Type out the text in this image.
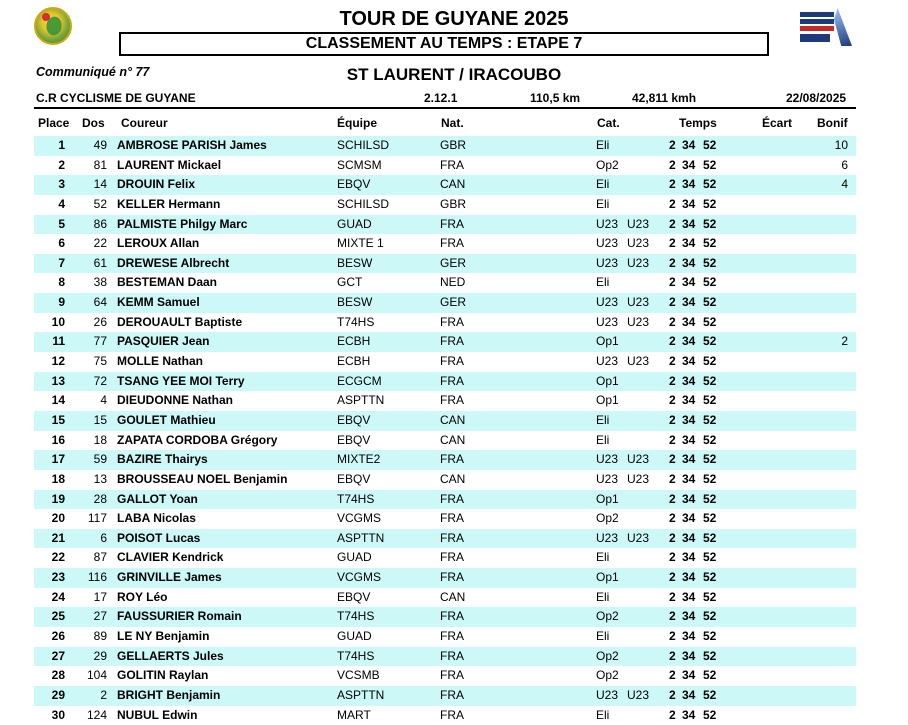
TOUR DE GUYANE 2025
CLASSEMENT AU TEMPS : ETAPE 7
Communiqué n° 77	ST LAURENT / IRACOUBO
C.R CYCLISME DE GUYANE	2.12.1	110,5 km	42,811 kmh	22/08/2025
Place Dos Coureur	Équipe	Nat.	Cat.	Temps	Écart Bonif
1	49 AMBROSE PARISH James	SCHILSD	GBR	Eli	2 34 52	10
2	81 LAURENT Mickael	SCMSM	FRA	Op2	2 34 52	6
3	14 DROUIN Felix	EBQV	CAN	Eli	2 34 52	4
4	52 KELLER Hermann	SCHILSD	GBR	Eli	2 34 52
5	86 PALMISTE Philgy Marc	GUAD	FRA	U23 U23 2 34 52
6	22 LEROUX Allan	MIXTE 1	FRA	U23 U23 2 34 52
7	61 DREWESE Albrecht	BESW	GER	U23 U23 2 34 52
8	38 BESTEMAN Daan	GCT	NED	Eli	2 34 52
9	64 KEMM Samuel	BESW	GER	U23 U23 2 34 52
10	26 DEROUAULT Baptiste	T74HS	FRA	U23 U23 2 34 52
11	77 PASQUIER Jean	ECBH	FRA	Op1	2 34 52	2
12	75 MOLLE Nathan	ECBH	FRA	U23 U23 2 34 52
13	72 TSANG YEE MOI Terry	ECGCM	FRA	Op1	2 34 52
14	4 DIEUDONNE Nathan	ASPTTN	FRA	Op1	2 34 52
15	15 GOULET Mathieu	EBQV	CAN	Eli	2 34 52
16	18 ZAPATA CORDOBA Grégory	EBQV	CAN	Eli	2 34 52
17	59 BAZIRE Thairys	MIXTE2	FRA	U23 U23 2 34 52
18	13 BROUSSEAU NOEL Benjamin	EBQV	CAN	U23 U23 2 34 52
19	28 GALLOT Yoan	T74HS	FRA	Op1	2 34 52
20	117 LABA Nicolas	VCGMS	FRA	Op2	2 34 52
21	6 POISOT Lucas	ASPTTN	FRA	U23 U23 2 34 52
22	87 CLAVIER Kendrick	GUAD	FRA	Eli	2 34 52
23	116 GRINVILLE James	VCGMS	FRA	Op1	2 34 52
24	17 ROY Léo	EBQV	CAN	Eli	2 34 52
25	27 FAUSSURIER Romain	T74HS	FRA	Op2	2 34 52
26	89 LE NY Benjamin	GUAD	FRA	Eli	2 34 52
27	29 GELLAERTS Jules	T74HS	FRA	Op2	2 34 52
28	104 GOLITIN Raylan	VCSMB	FRA	Op2	2 34 52
29	2 BRIGHT Benjamin	ASPTTN	FRA	U23 U23 2 34 52
30	124 NUBUL Edwin	MART	FRA	Eli	2 34 52
